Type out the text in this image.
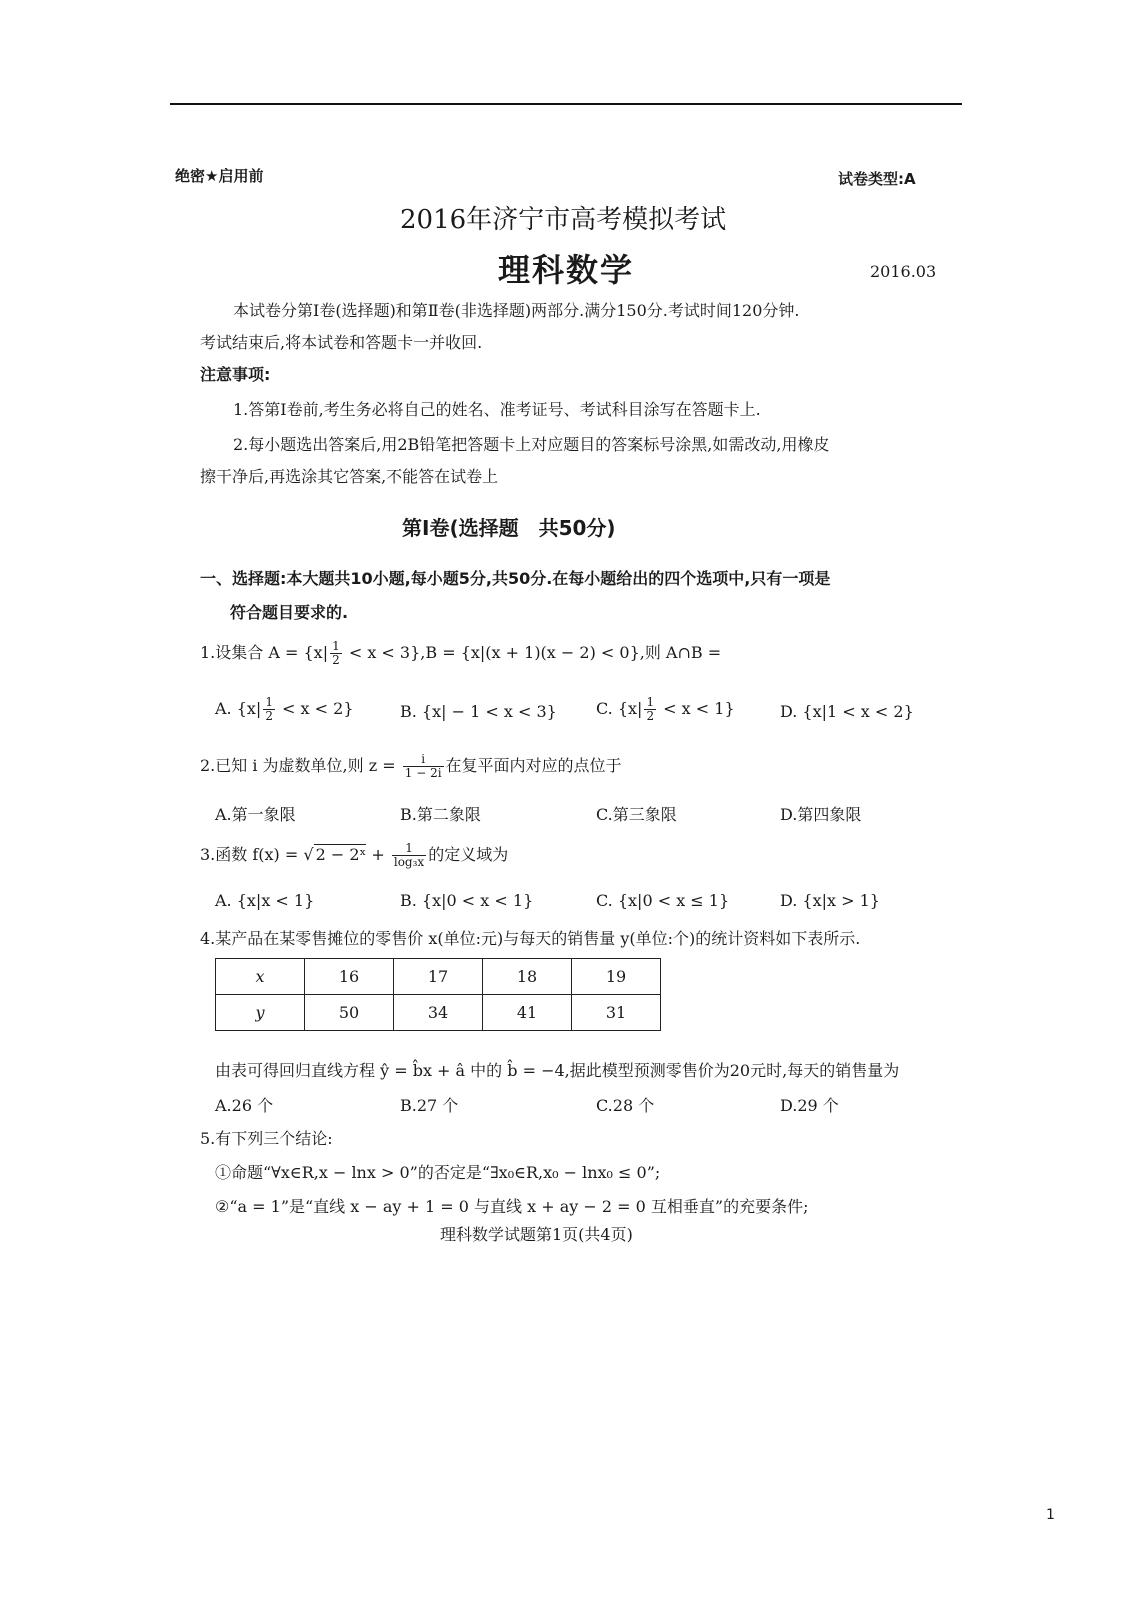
绝密★启用前	试卷类型:A
2016年济宁市高考模拟考试
理科数学	2016.03
本试卷分第Ⅰ卷(选择题)和第Ⅱ卷(非选择题)两部分.满分150分.考试时间120分钟.
考试结束后,将本试卷和答题卡一并收回.
注意事项:
1.答第Ⅰ卷前,考生务必将自己的姓名、准考证号、考试科目涂写在答题卡上.
2.每小题选出答案后,用2B铅笔把答题卡上对应题目的答案标号涂黑,如需改动,用橡皮
擦干净后,再选涂其它答案,不能答在试卷上
第Ⅰ卷(选择题　共50分)
一、选择题:本大题共10小题,每小题5分,共50分.在每小题给出的四个选项中,只有一项是
符合题目要求的.
1.设集合 $A = \{x| \frac{1}{2} < x < 3\},B = \{x|(x + 1)(x - 2) < 0\}$,则 A∩B =
A. $\{x| \frac{1}{2} < x < 2\}$	B. {x| − 1 < x < 3} C. $\{x| \frac{1}{2} < x < 1\}$	D. {x|1 < x < 2}
2.已知 i 为虚数单位,则 $z = \frac{i}{1 - 2i}$ 在复平面内对应的点位于
A.第一象限	B.第二象限	C.第三象限	D.第四象限
3.函数 f(x) = √ 2 − 2ˣ + $\frac{1}{\text{log₃x}}$ 的定义域为
A. {x|x < 1}	B. {x|0 < x < 1}	C. {x|0 < x ≤ 1}	D. {x|x > 1}
4.某产品在某零售摊位的零售价 x(单位:元)与每天的销售量 y(单位:个)的统计资料如下表所示.
x	16	17	18	19
y	50	34	41	31
由表可得回归直线方程 ŷ = b̂x + â 中的 b̂ = −4,据此模型预测零售价为20元时,每天的销售量为
A.26 个	B.27 个	C.28 个	D.29 个
5.有下列三个结论:
①命题“∀x∈R,x − lnx > 0”的否定是“∃x₀∈R,x₀ − lnx₀ ≤ 0”;
②“a = 1”是“直线 x − ay + 1 = 0 与直线 x + ay − 2 = 0 互相垂直”的充要条件;
理科数学试题第1页(共4页)
1
